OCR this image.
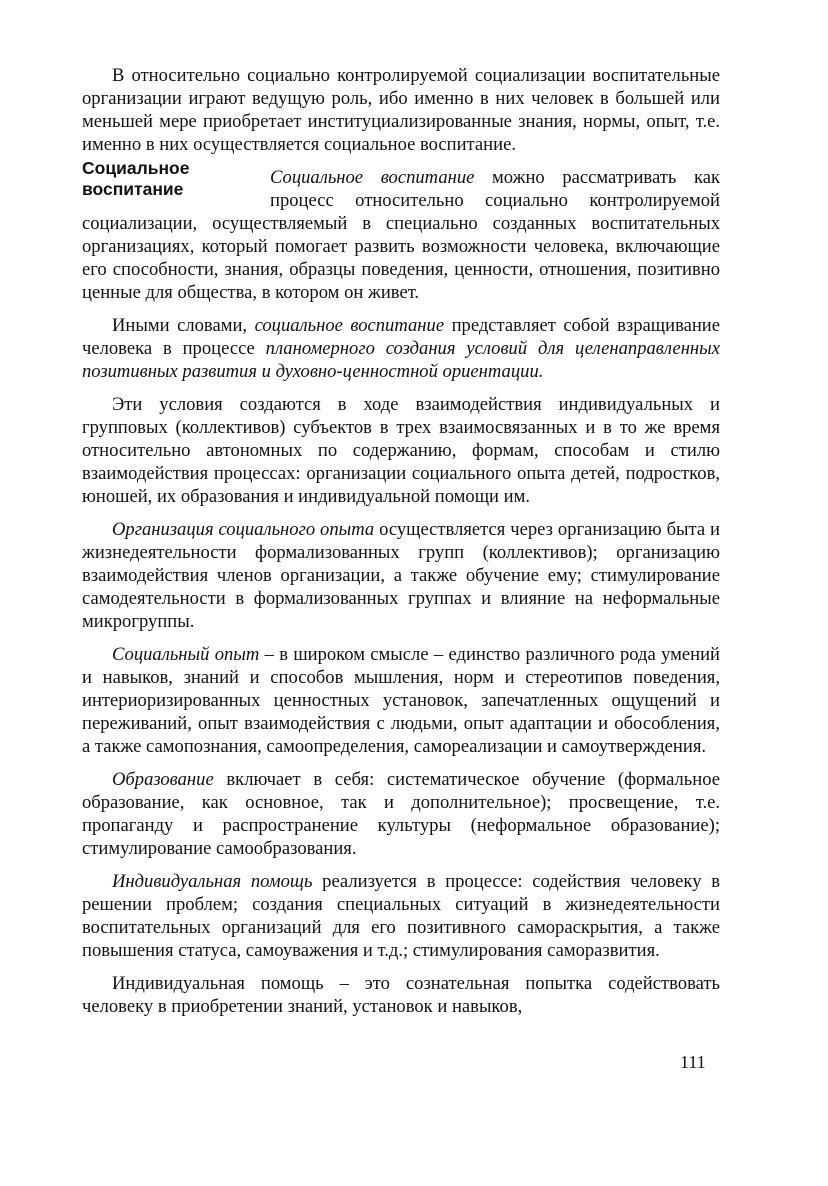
В относительно социально контролируемой социализации воспитательные организации играют ведущую роль, ибо именно в них человек в большей или меньшей мере приобретает институциализированные знания, нормы, опыт, т.е. именно в них осуществляется социальное воспитание.

Социальное воспитание

Социальное воспитание можно рассматривать как процесс относительно социально контролируемой социализации, осуществляемый в специально созданных воспитательных организациях, который помогает развить возможности человека, включающие его способности, знания, образцы поведения, ценности, отношения, позитивно ценные для общества, в котором он живет.

Иными словами, социальное воспитание представляет собой взращивание человека в процессе планомерного создания условий для целенаправленных позитивных развития и духовно-ценностной ориентации.

Эти условия создаются в ходе взаимодействия индивидуальных и групповых (коллективов) субъектов в трех взаимосвязанных и в то же время относительно автономных по содержанию, формам, способам и стилю взаимодействия процессах: организации социального опыта детей, подростков, юношей, их образования и индивидуальной помощи им.

Организация социального опыта осуществляется через организацию быта и жизнедеятельности формализованных групп (коллективов); организацию взаимодействия членов организации, а также обучение ему; стимулирование самодеятельности в формализованных группах и влияние на неформальные микрогруппы.

Социальный опыт – в широком смысле – единство различного рода умений и навыков, знаний и способов мышления, норм и стереотипов поведения, интериоризированных ценностных установок, запечатленных ощущений и переживаний, опыт взаимодействия с людьми, опыт адаптации и обособления, а также самопознания, самоопределения, самореализации и самоутверждения.

Образование включает в себя: систематическое обучение (формальное образование, как основное, так и дополнительное); просвещение, т.е. пропаганду и распространение культуры (неформальное образование); стимулирование самообразования.

Индивидуальная помощь реализуется в процессе: содействия человеку в решении проблем; создания специальных ситуаций в жизнедеятельности воспитательных организаций для его позитивного самораскрытия, а также повышения статуса, самоуважения и т.д.; стимулирования саморазвития.

Индивидуальная помощь – это сознательная попытка содействовать человеку в приобретении знаний, установок и навыков,

111
